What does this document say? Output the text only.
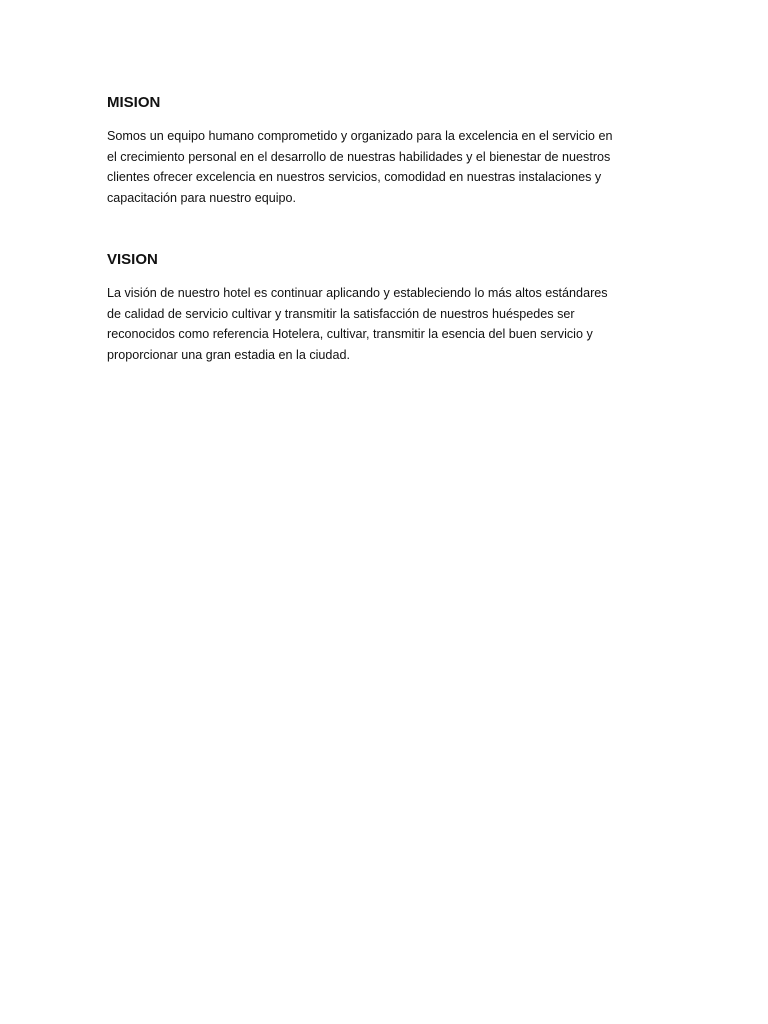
MISION
Somos un equipo humano comprometido y organizado para la excelencia en el servicio en
el crecimiento personal en el desarrollo de nuestras habilidades y el bienestar de nuestros
clientes ofrecer excelencia en nuestros servicios, comodidad en nuestras instalaciones y
capacitación para nuestro equipo.
VISION
La visión de nuestro hotel es continuar aplicando y estableciendo lo más altos estándares
de calidad de servicio cultivar y transmitir la satisfacción de nuestros huéspedes ser
reconocidos como referencia Hotelera, cultivar, transmitir la esencia del buen servicio y
proporcionar una gran estadia en la ciudad.
